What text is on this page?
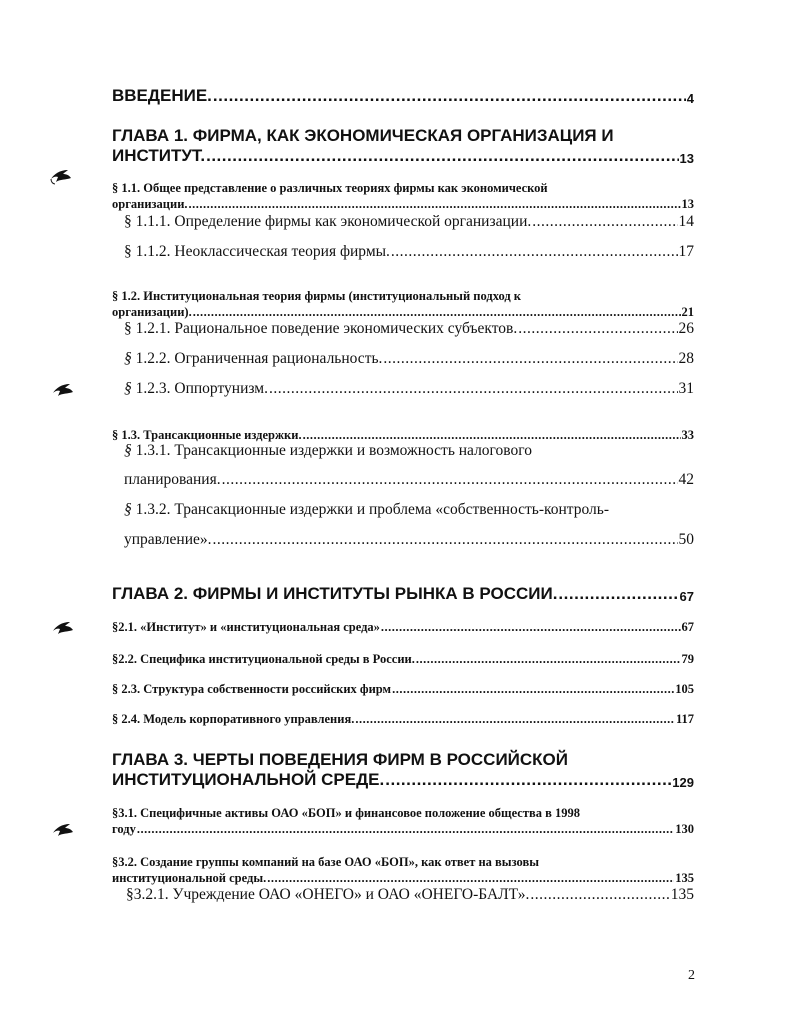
ВВЕДЕНИЕ. .....	4
ГЛАВА 1. ФИРМА, КАК ЭКОНОМИЧЕСКАЯ ОРГАНИЗАЦИЯ И
ИНСТИТУТ. .....	13
§ 1.1. Общее представление о различных теориях фирмы как экономической
организации. .....	13
§ 1.1.1. Определение фирмы как экономической организации. .....	14
§ 1.1.2. Неоклассическая теория фирмы. .....	17
§ 1.2. Институциональная теория фирмы (институциональный подход к
организации). .....	21
§ 1.2.1. Рациональное поведение экономических субъектов. .....	26
§ 1.2.2. Ограниченная рациональность. .....	28
§ 1.2.3. Оппортунизм. .....	31
§ 1.3. Трансакционные издержки. .....	33
§ 1.3.1. Трансакционные издержки и возможность налогового
планирования. .....	42
§ 1.3.2. Трансакционные издержки и проблема «собственность-контроль-
управление». .....	50
ГЛАВА 2. ФИРМЫ И ИНСТИТУТЫ РЫНКА В РОССИИ. .....	67
§2.1. «Институт» и «институциональная среда» .....	67
§2.2. Специфика институциональной среды в России. .....	79
§ 2.3. Структура собственности российских фирм .....	105
§ 2.4. Модель корпоративного управления. .....	117
ГЛАВА 3. ЧЕРТЫ ПОВЕДЕНИЯ ФИРМ В РОССИЙСКОЙ
ИНСТИТУЦИОНАЛЬНОЙ СРЕДЕ. .....	129
§3.1. Специфичные активы ОАО «БОП» и финансовое положение общества в 1998
году .....	130
§3.2. Создание группы компаний на базе ОАО «БОП», как ответ на вызовы
институциональной среды. .....	135
§3.2.1. Учреждение ОАО «ОНЕГО» и ОАО «ОНЕГО-БАЛТ». .....	135
2
